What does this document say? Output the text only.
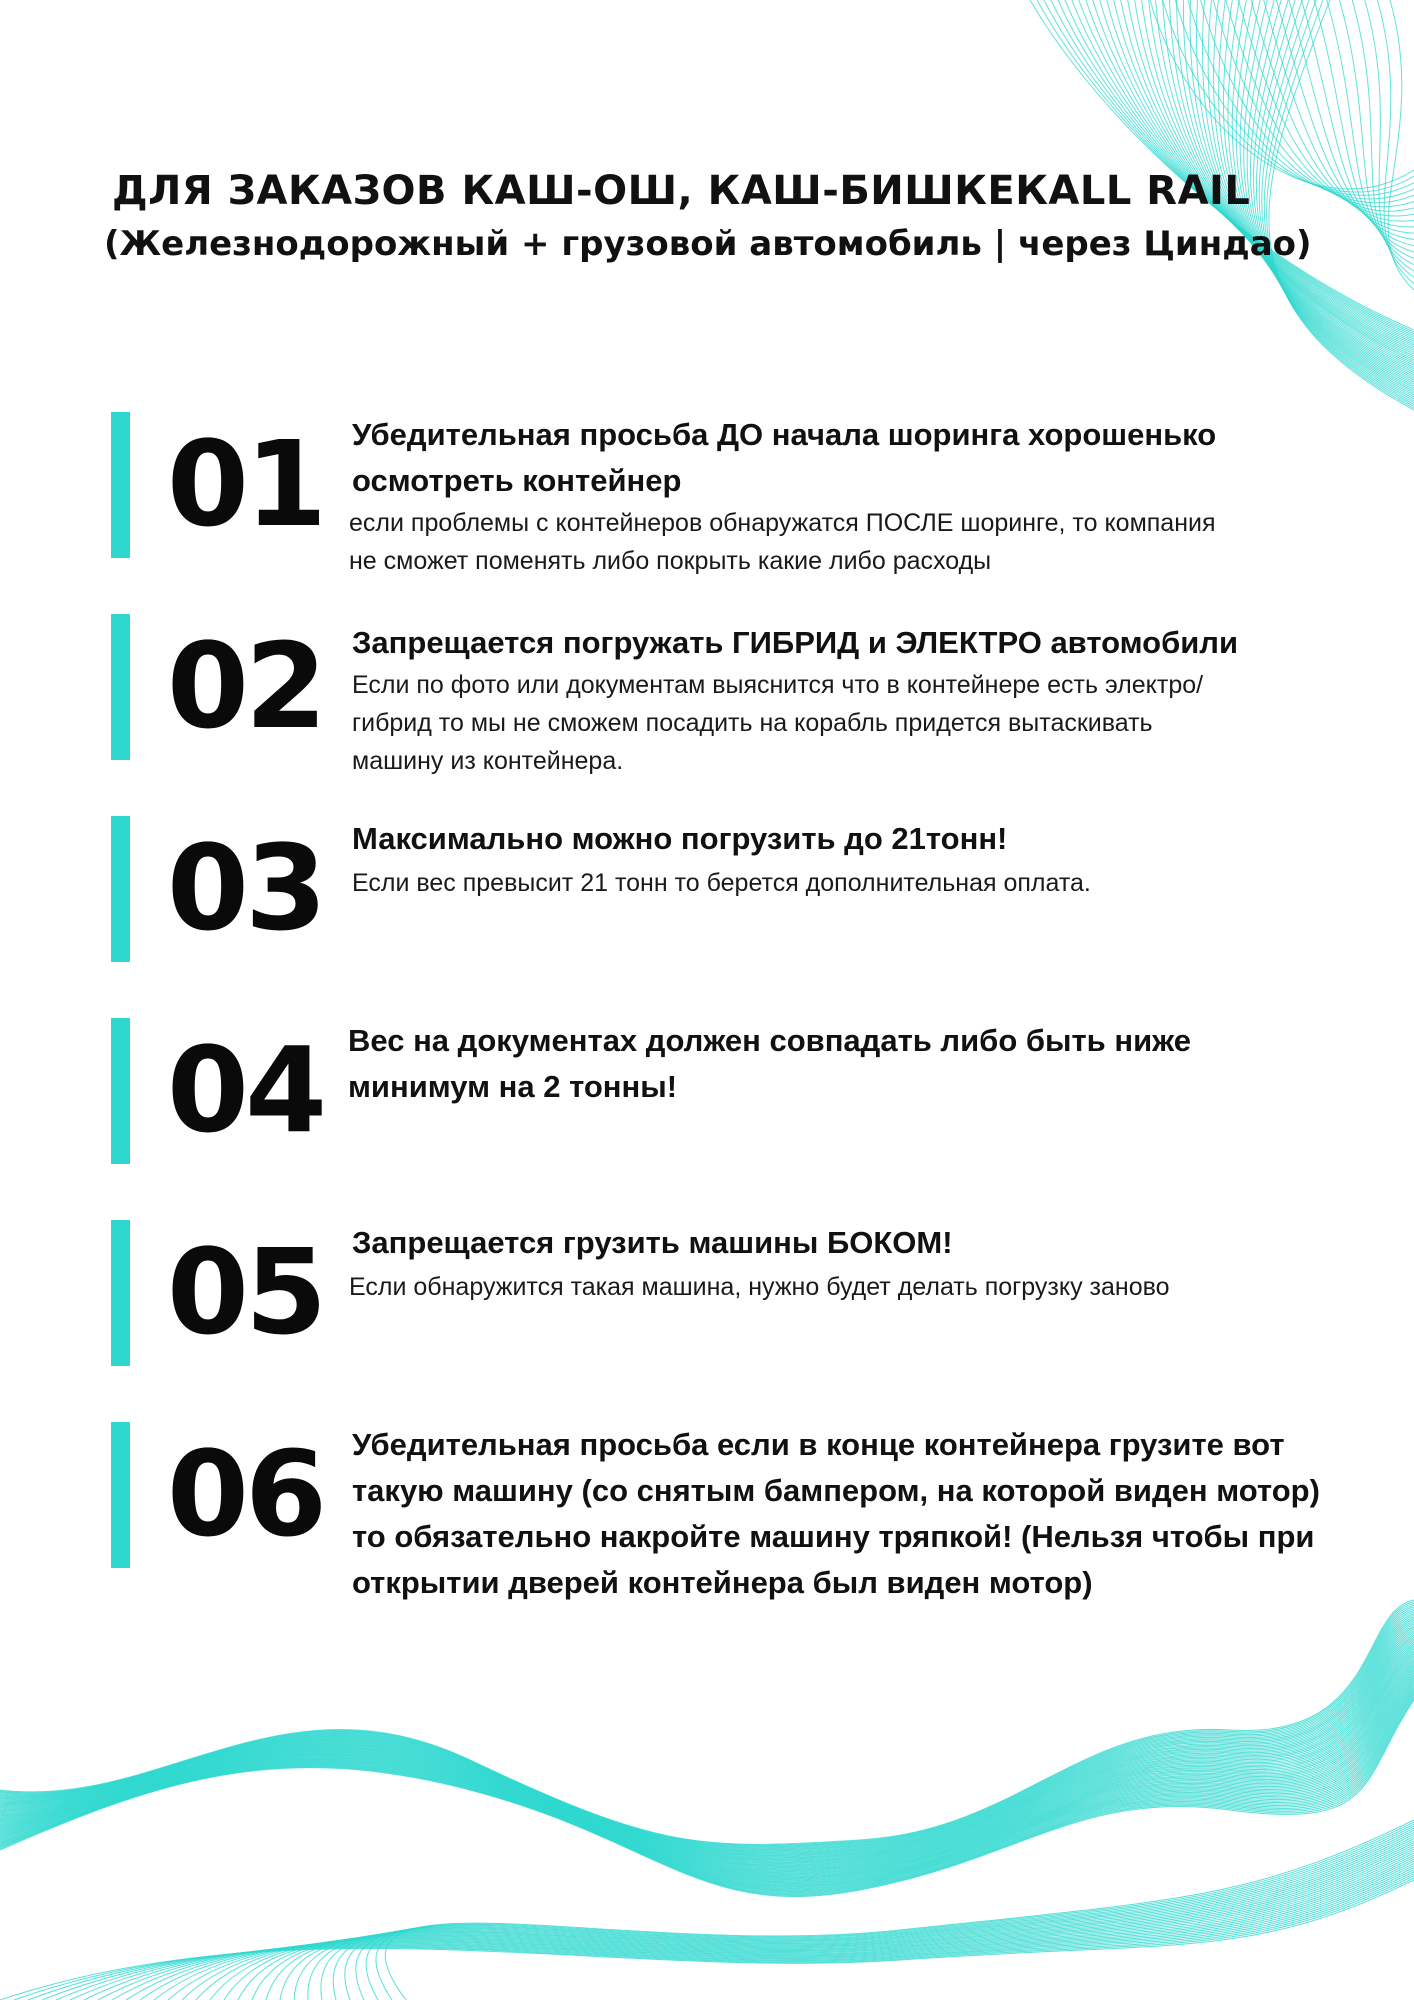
ДЛЯ ЗАКАЗОВ КАШ-ОШ, КАШ-БИШКЕКALL RAIL
(Железнодорожный + грузовой автомобиль | через Циндао)
01 Убедительная просьба ДО начала шоринга хорошенько осмотреть контейнер

если проблемы с контейнеров обнаружатся ПОСЛЕ шоринге, то компания не сможет поменять либо покрыть какие либо расходы

02 Запрещается погружать ГИБРИД и ЭЛЕКТРО автомобили

Если по фото или документам выяснится что в контейнере есть электро/гибрид то мы не сможем посадить на корабль придется вытаскивать машину из контейнера.

03 Максимально можно погрузить до 21тонн!

Если вес превысит 21 тонн то берется дополнительная оплата.

04 Вес на документах должен совпадать либо быть ниже минимум на 2 тонны!

05 Запрещается грузить машины БОКОМ!

Если обнаружится такая машина, нужно будет делать погрузку заново

06 Убедительная просьба если в конце контейнера грузите вот такую машину (со снятым бампером, на которой виден мотор) то обязательно накройте машину тряпкой! (Нельзя чтобы при открытии дверей контейнера был виден мотор)
